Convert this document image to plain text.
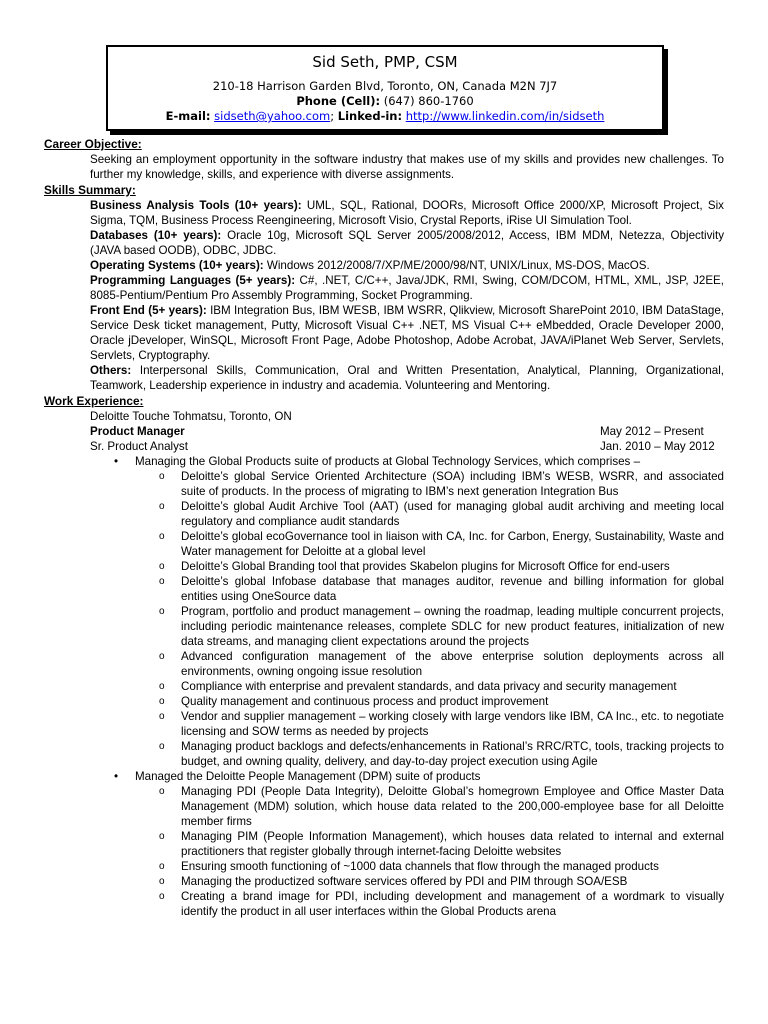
Sid Seth, PMP, CSM
210-18 Harrison Garden Blvd, Toronto, ON, Canada M2N 7J7
Phone (Cell): (647) 860-1760
E-mail: sidseth@yahoo.com; Linked-in: http://www.linkedin.com/in/sidseth
Career Objective:

Seeking an employment opportunity in the software industry that makes use of my skills and provides new challenges. To further my knowledge, skills, and experience with diverse assignments.

Skills Summary:

Business Analysis Tools (10+ years): UML, SQL, Rational, DOORs, Microsoft Office 2000/XP, Microsoft Project, Six Sigma, TQM, Business Process Reengineering, Microsoft Visio, Crystal Reports, iRise UI Simulation Tool.

Databases (10+ years): Oracle 10g, Microsoft SQL Server 2005/2008/2012, Access, IBM MDM, Netezza, Objectivity (JAVA based OODB), ODBC, JDBC.

Operating Systems (10+ years): Windows 2012/2008/7/XP/ME/2000/98/NT, UNIX/Linux, MS-DOS, MacOS.

Programming Languages (5+ years): C#, .NET, C/C++, Java/JDK, RMI, Swing, COM/DCOM, HTML, XML, JSP, J2EE, 8085-Pentium/Pentium Pro Assembly Programming, Socket Programming.

Front End (5+ years): IBM Integration Bus, IBM WESB, IBM WSRR, Qlikview, Microsoft SharePoint 2010, IBM DataStage, Service Desk ticket management, Putty, Microsoft Visual C++ .NET, MS Visual C++ eMbedded, Oracle Developer 2000, Oracle jDeveloper, WinSQL, Microsoft Front Page, Adobe Photoshop, Adobe Acrobat, JAVA/iPlanet Web Server, Servlets, Servlets, Cryptography.

Others: Interpersonal Skills, Communication, Oral and Written Presentation, Analytical, Planning, Organizational, Teamwork, Leadership experience in industry and academia. Volunteering and Mentoring.

Work Experience:

Deloitte Touche Tohmatsu, Toronto, ON

Product Manager	May 2012 – Present
Sr. Product Analyst	Jan. 2010 – May 2012
• Managing the Global Products suite of products at Global Technology Services, which comprises –
o Deloitte’s global Service Oriented Architecture (SOA) including IBM’s WESB, WSRR, and associated suite of products. In the process of migrating to IBM’s next generation Integration Bus
o Deloitte’s global Audit Archive Tool (AAT) (used for managing global audit archiving and meeting local regulatory and compliance audit standards
o Deloitte’s global ecoGovernance tool in liaison with CA, Inc. for Carbon, Energy, Sustainability, Waste and Water management for Deloitte at a global level
o Deloitte’s Global Branding tool that provides Skabelon plugins for Microsoft Office for end-users
o Deloitte’s global Infobase database that manages auditor, revenue and billing information for global entities using OneSource data
o Program, portfolio and product management – owning the roadmap, leading multiple concurrent projects, including periodic maintenance releases, complete SDLC for new product features, initialization of new data streams, and managing client expectations around the projects
o Advanced configuration management of the above enterprise solution deployments across all environments, owning ongoing issue resolution
o Compliance with enterprise and prevalent standards, and data privacy and security management
o Quality management and continuous process and product improvement
o Vendor and supplier management – working closely with large vendors like IBM, CA Inc., etc. to negotiate licensing and SOW terms as needed by projects
o Managing product backlogs and defects/enhancements in Rational’s RRC/RTC, tools, tracking projects to budget, and owning quality, delivery, and day-to-day project execution using Agile
• Managed the Deloitte People Management (DPM) suite of products
o Managing PDI (People Data Integrity), Deloitte Global’s homegrown Employee and Office Master Data Management (MDM) solution, which house data related to the 200,000-employee base for all Deloitte member firms
o Managing PIM (People Information Management), which houses data related to internal and external practitioners that register globally through internet-facing Deloitte websites
o Ensuring smooth functioning of ~1000 data channels that flow through the managed products
o Managing the productized software services offered by PDI and PIM through SOA/ESB
o Creating a brand image for PDI, including development and management of a wordmark to visually identify the product in all user interfaces within the Global Products arena
